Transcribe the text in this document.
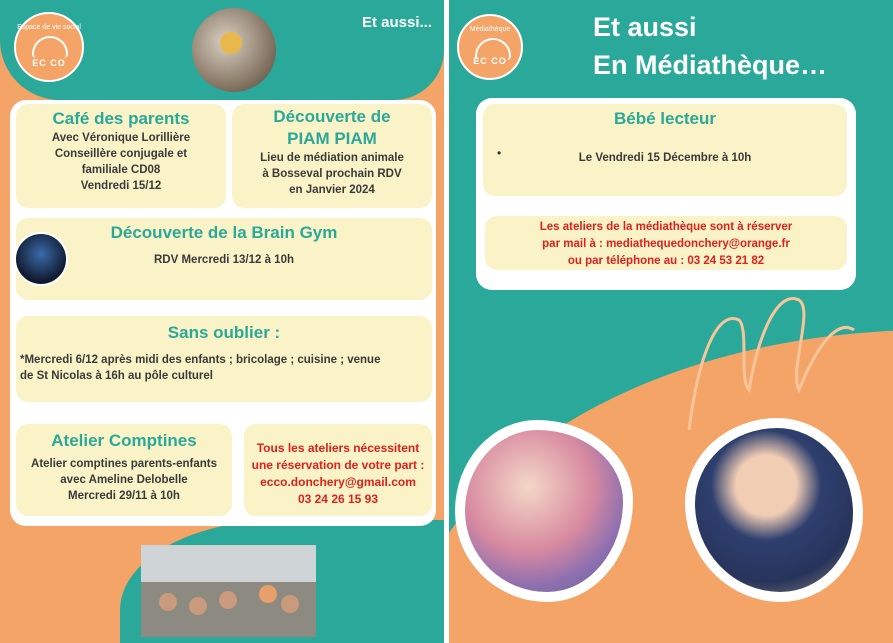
Espace de vie social
EC CO
Et aussi...
Café des parents
Avec Véronique Lorillière
Conseillère conjugale et
familiale CD08
Vendredi 15/12
Découverte de
PIAM PIAM
Lieu de médiation animale
à Bosseval prochain RDV
en Janvier 2024
Découverte de la Brain Gym
RDV Mercredi 13/12 à 10h
Sans oublier :
*Mercredi 6/12 après midi des enfants ; bricolage ; cuisine ; venue
de St Nicolas à 16h au pôle culturel
Atelier Comptines
Atelier comptines parents-enfants
avec Ameline Delobelle
Mercredi 29/11 à 10h
Tous les ateliers nécessitent
une réservation de votre part :
ecco.donchery@gmail.com
03 24 26 15 93
Médiathèque
EC CO
Et aussi
En Médiathèque…
Bébé lecteur
•	Le Vendredi 15 Décembre à 10h
Les ateliers de la médiathèque sont à réserver
par mail à : mediathequedonchery@orange.fr
ou par téléphone au : 03 24 53 21 82
